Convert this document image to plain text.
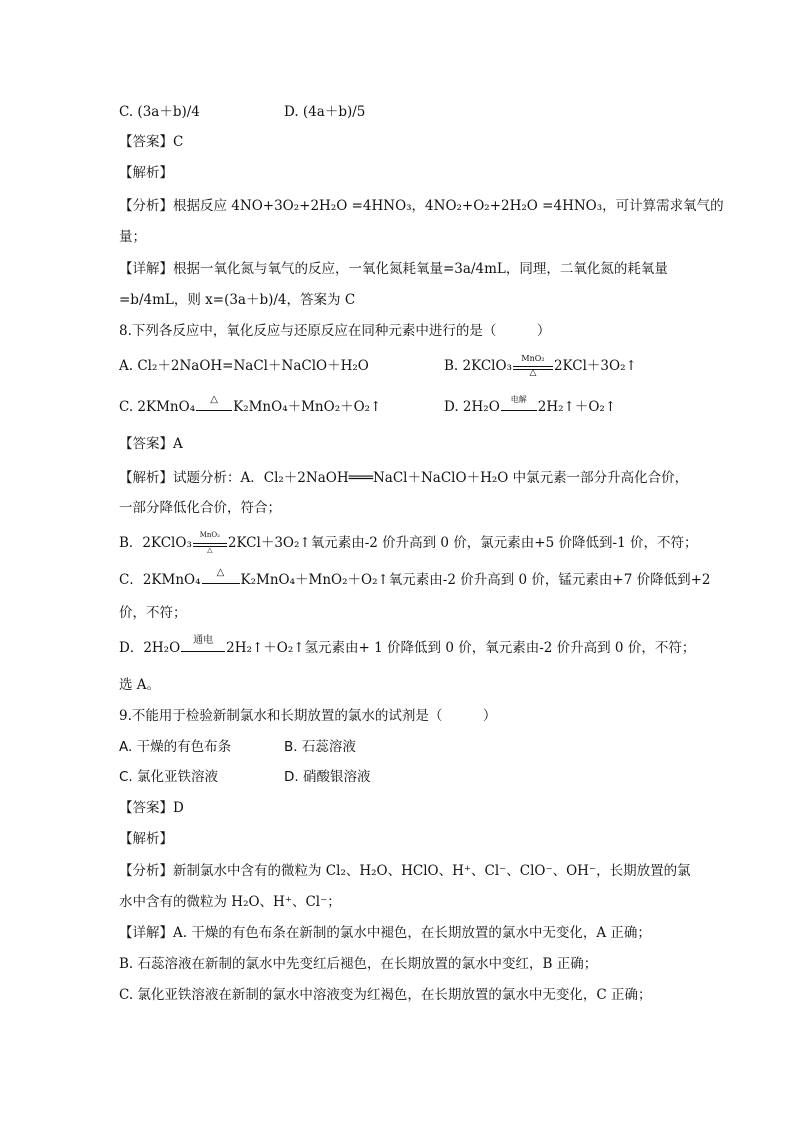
C. (3a＋b)/4	D. (4a＋b)/5
【答案】C
【解析】
【分析】根据反应 4NO+3O₂+2H₂O =4HNO₃，4NO₂+O₂+2H₂O =4HNO₃，可计算需求氧气的
量；
【详解】根据一氧化氮与氧气的反应，一氧化氮耗氧量=3a/4mL，同理，二氧化氮的耗氧量
=b/4mL，则 x=(3a＋b)/4，答案为 C
8.下列各反应中，氧化反应与还原反应在同种元素中进行的是（　　　）
A. Cl₂＋2NaOH=NaCl＋NaClO＋H₂O	B. 2KClO₃	MnO₂
△	2KCl＋3O₂↑
C. 2KMnO₄	△	K₂MnO₄＋MnO₂＋O₂↑	D. 2H₂O	电解 2H₂↑＋O₂↑
【答案】A
【解析】试题分析：A．Cl₂＋2NaOH═══NaCl＋NaClO＋H₂O 中氯元素一部分升高化合价，
一部分降低化合价，符合；
B．2KClO₃
MnO₂
△	2KCl＋3O₂↑氧元素由-2 价升高到 0 价，氯元素由+5 价降低到-1 价，不符；
C．2KMnO₄	△	K₂MnO₄＋MnO₂＋O₂↑氧元素由-2 价升高到 0 价，锰元素由+7 价降低到+2
价，不符；
D．2H₂O	通电 2H₂↑＋O₂↑氢元素由+ 1 价降低到 0 价，氧元素由-2 价升高到 0 价，不符；
选 A。
9.不能用于检验新制氯水和长期放置的氯水的试剂是（　　　）
A. 干燥的有色布条	B. 石蕊溶液
C. 氯化亚铁溶液	D. 硝酸银溶液
【答案】D
【解析】
【分析】新制氯水中含有的微粒为 Cl₂、H₂O、HClO、H⁺、Cl⁻、ClO⁻、OH⁻，长期放置的氯
水中含有的微粒为 H₂O、H⁺、Cl⁻；
【详解】A. 干燥的有色布条在新制的氯水中褪色，在长期放置的氯水中无变化，A 正确；
B. 石蕊溶液在新制的氯水中先变红后褪色，在长期放置的氯水中变红，B 正确；
C. 氯化亚铁溶液在新制的氯水中溶液变为红褐色，在长期放置的氯水中无变化，C 正确；
